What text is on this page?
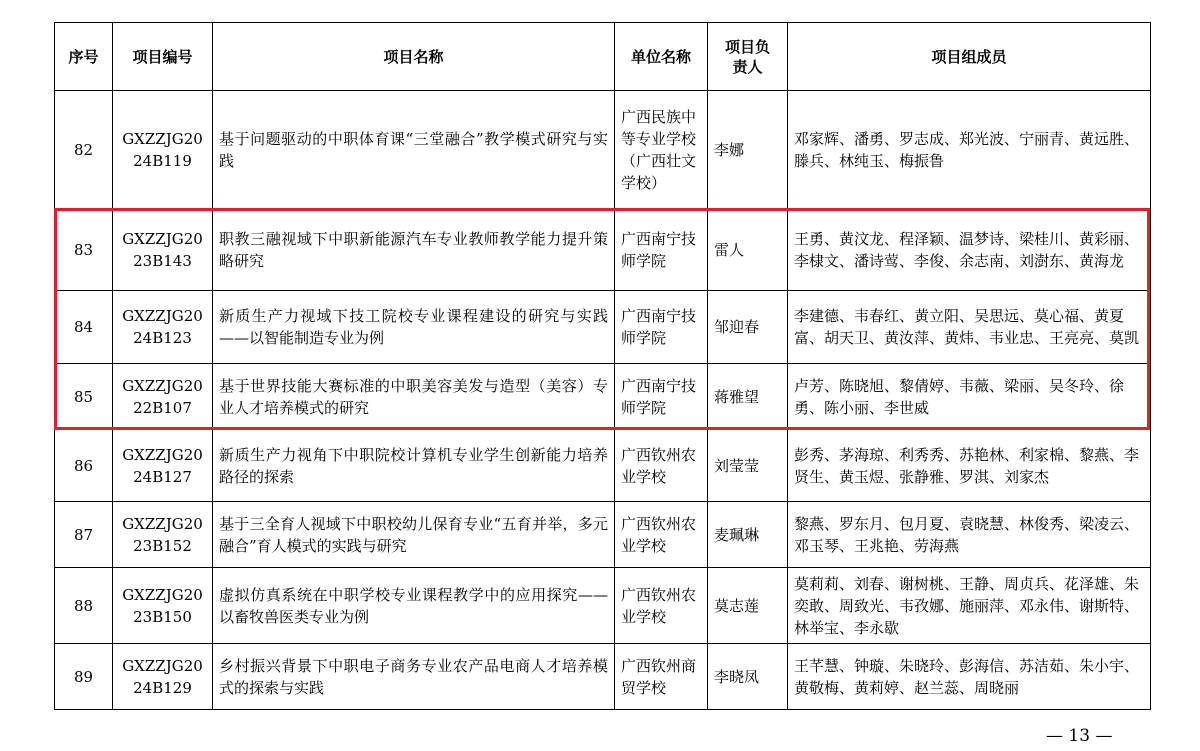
序号	项目编号	项目名称	单位名称	项目负责人	项目组成员
82	GXZZJG2024B119	基于问题驱动的中职体育课“三堂融合”教学模式研究与实践	广西民族中等专业学校（广西壮文学校）	李娜	邓家辉、潘勇、罗志成、郑光波、宁丽青、黄远胜、滕兵、林纯玉、梅振鲁
83	GXZZJG2023B143	职教三融视域下中职新能源汽车专业教师教学能力提升策略研究	广西南宁技师学院	雷人	王勇、黄汶龙、程泽颖、温梦诗、梁桂川、黄彩丽、李棣文、潘诗莺、李俊、余志南、刘澍东、黄海龙
84	GXZZJG2024B123	新质生产力视域下技工院校专业课程建设的研究与实践——以智能制造专业为例	广西南宁技师学院	邹迎春	李建德、韦春红、黄立阳、吴思远、莫心福、黄夏富、胡天卫、黄汝萍、黄炜、韦业忠、王亮亮、莫凯
85	GXZZJG2022B107	基于世界技能大赛标准的中职美容美发与造型（美容）专业人才培养模式的研究	广西南宁技师学院	蒋雅望	卢芳、陈晓旭、黎倩婷、韦薇、梁丽、吴冬玲、徐勇、陈小丽、李世威
86	GXZZJG2024B127	新质生产力视角下中职院校计算机专业学生创新能力培养路径的探索	广西钦州农业学校	刘莹莹	彭秀、茅海琼、利秀秀、苏艳林、利家棉、黎燕、李贤生、黄玉煜、张静雅、罗淇、刘家杰
87	GXZZJG2023B152	基于三全育人视域下中职校幼儿保育专业“五育并举，多元融合”育人模式的实践与研究	广西钦州农业学校	麦珮琳	黎燕、罗东月、包月夏、袁晓慧、林俊秀、梁凌云、邓玉琴、王兆艳、劳海燕
88	GXZZJG2023B150	虚拟仿真系统在中职学校专业课程教学中的应用探究——以畜牧兽医类专业为例	广西钦州农业学校	莫志莲	莫莉莉、刘春、谢树桃、王静、周贞兵、花泽雄、朱奕敢、周致光、韦孜娜、施丽萍、邓永伟、谢斯特、林举宝、李永歇
89	GXZZJG2024B129	乡村振兴背景下中职电子商务专业农产品电商人才培养模式的探索与实践	广西钦州商贸学校	李晓凤	王芊慧、钟璇、朱晓玲、彭海信、苏洁茹、朱小宇、黄敬梅、黄莉婷、赵兰蕊、周晓丽
— 13 —
